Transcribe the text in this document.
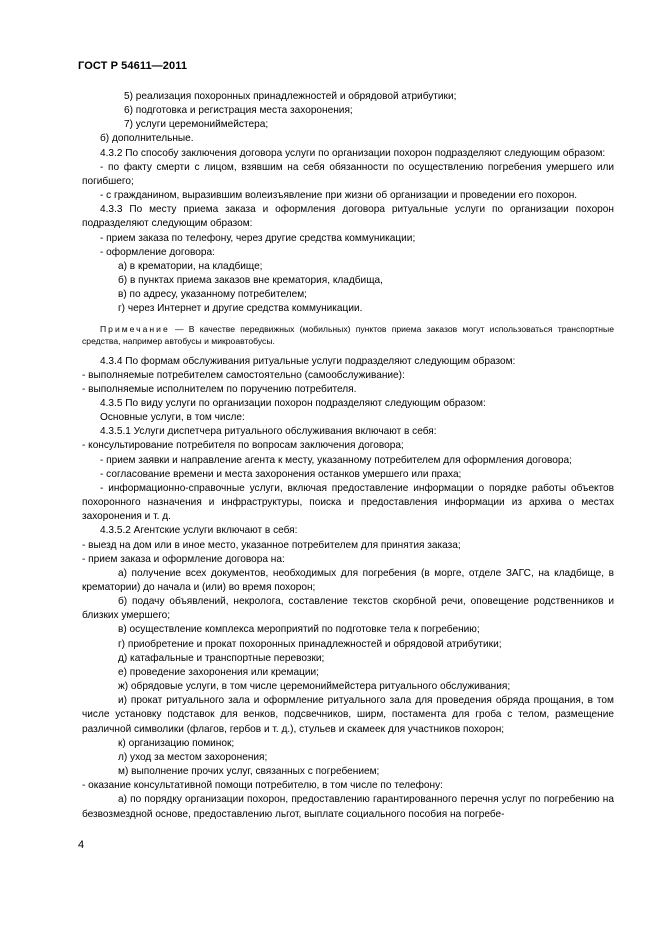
ГОСТ Р 54611—2011

5) реализация похоронных принадлежностей и обрядовой атрибутики;

6) подготовка и регистрация места захоронения;

7) услуги церемониймейстера;

б) дополнительные.

4.3.2 По способу заключения договора услуги по организации похорон подразделяют следующим образом:

- по факту смерти с лицом, взявшим на себя обязанности по осуществлению погребения умершего или погибшего;

- с гражданином, выразившим волеизъявление при жизни об организации и проведении его похорон.

4.3.3 По месту приема заказа и оформления договора ритуальные услуги по организации похорон подразделяют следующим образом:

- прием заказа по телефону, через другие средства коммуникации;

- оформление договора:

а) в крематории, на кладбище;

б) в пунктах приема заказов вне крематория, кладбища,

в) по адресу, указанному потребителем;

г) через Интернет и другие средства коммуникации.

Примечание — В качестве передвижных (мобильных) пунктов приема заказов могут использоваться транспортные средства, например автобусы и микроавтобусы.

4.3.4 По формам обслуживания ритуальные услуги подразделяют следующим образом:

- выполняемые потребителем самостоятельно (самообслуживание):

- выполняемые исполнителем по поручению потребителя.

4.3.5 По виду услуги по организации похорон подразделяют следующим образом:

Основные услуги, в том числе:

4.3.5.1 Услуги диспетчера ритуального обслуживания включают в себя:

- консультирование потребителя по вопросам заключения договора;

- прием заявки и направление агента к месту, указанному потребителем для оформления договора;

- согласование времени и места захоронения останков умершего или праха;

- информационно-справочные услуги, включая предоставление информации о порядке работы объектов похоронного назначения и инфраструктуры, поиска и предоставления информации из архива о местах захоронения и т. д.

4.3.5.2 Агентские услуги включают в себя:

- выезд на дом или в иное место, указанное потребителем для принятия заказа;

- прием заказа и оформление договора на:

а) получение всех документов, необходимых для погребения (в морге, отделе ЗАГС, на кладбище, в крематории) до начала и (или) во время похорон;

б) подачу объявлений, некролога, составление текстов скорбной речи, оповещение родственников и близких умершего;

в) осуществление комплекса мероприятий по подготовке тела к погребению;

г) приобретение и прокат похоронных принадлежностей и обрядовой атрибутики;

д) катафальные и транспортные перевозки;

е) проведение захоронения или кремации;

ж) обрядовые услуги, в том числе церемониймейстера ритуального обслуживания;

и) прокат ритуального зала и оформление ритуального зала для проведения обряда прощания, в том числе установку подставок для венков, подсвечников, ширм, постамента для гроба с телом, размещение различной символики (флагов, гербов и т. д.), стульев и скамеек для участников похорон;

к) организацию поминок;

л) уход за местом захоронения;

м) выполнение прочих услуг, связанных с погребением;

- оказание консультативной помощи потребителю, в том числе по телефону:

а) по порядку организации похорон, предоставлению гарантированного перечня услуг по погребению на безвозмездной основе, предоставлению льгот, выплате социального пособия на погребе-

4
